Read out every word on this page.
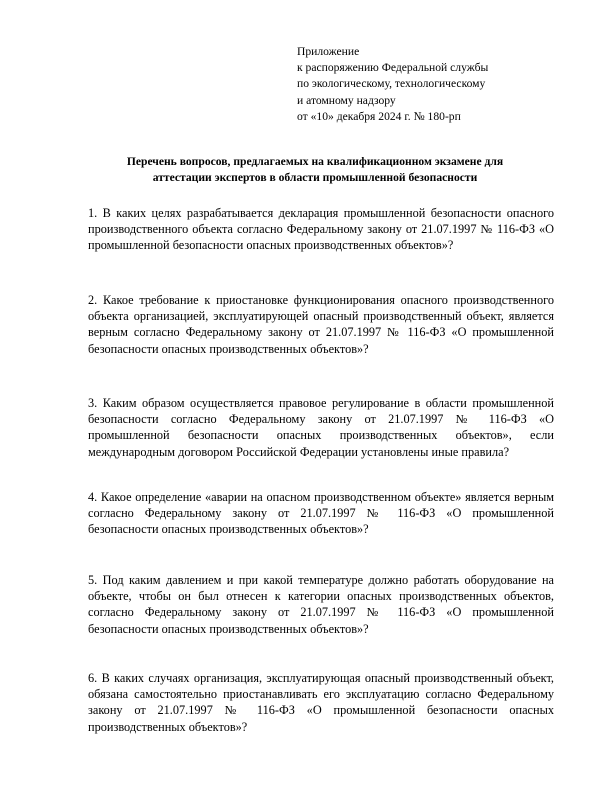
Приложение
к распоряжению Федеральной службы
по экологическому, технологическому
и атомному надзору
от «10» декабря 2024 г. № 180-рп
Перечень вопросов, предлагаемых на квалификационном экзамене для
аттестации экспертов в области промышленной безопасности

1. В каких целях разрабатывается декларация промышленной безопасности опасного производственного объекта согласно Федеральному закону от 21.07.1997 № 116-ФЗ «О промышленной безопасности опасных производственных объектов»?

2. Какое требование к приостановке функционирования опасного производственного объекта организацией, эксплуатирующей опасный производственный объект, является верным согласно Федеральному закону от 21.07.1997 № 116-ФЗ «О промышленной безопасности опасных производственных объектов»?

3. Каким образом осуществляется правовое регулирование в области промышленной безопасности согласно Федеральному закону от 21.07.1997 № 116-ФЗ «О промышленной безопасности опасных производственных объектов», если международным договором Российской Федерации установлены иные правила?

4. Какое определение «аварии на опасном производственном объекте» является верным согласно Федеральному закону от 21.07.1997 № 116-ФЗ «О промышленной безопасности опасных производственных объектов»?

5. Под каким давлением и при какой температуре должно работать оборудование на объекте, чтобы он был отнесен к категории опасных производственных объектов, согласно Федеральному закону от 21.07.1997 № 116-ФЗ «О промышленной безопасности опасных производственных объектов»?

6. В каких случаях организация, эксплуатирующая опасный производственный объект, обязана самостоятельно приостанавливать его эксплуатацию согласно Федеральному закону от 21.07.1997 № 116-ФЗ «О промышленной безопасности опасных производственных объектов»?
